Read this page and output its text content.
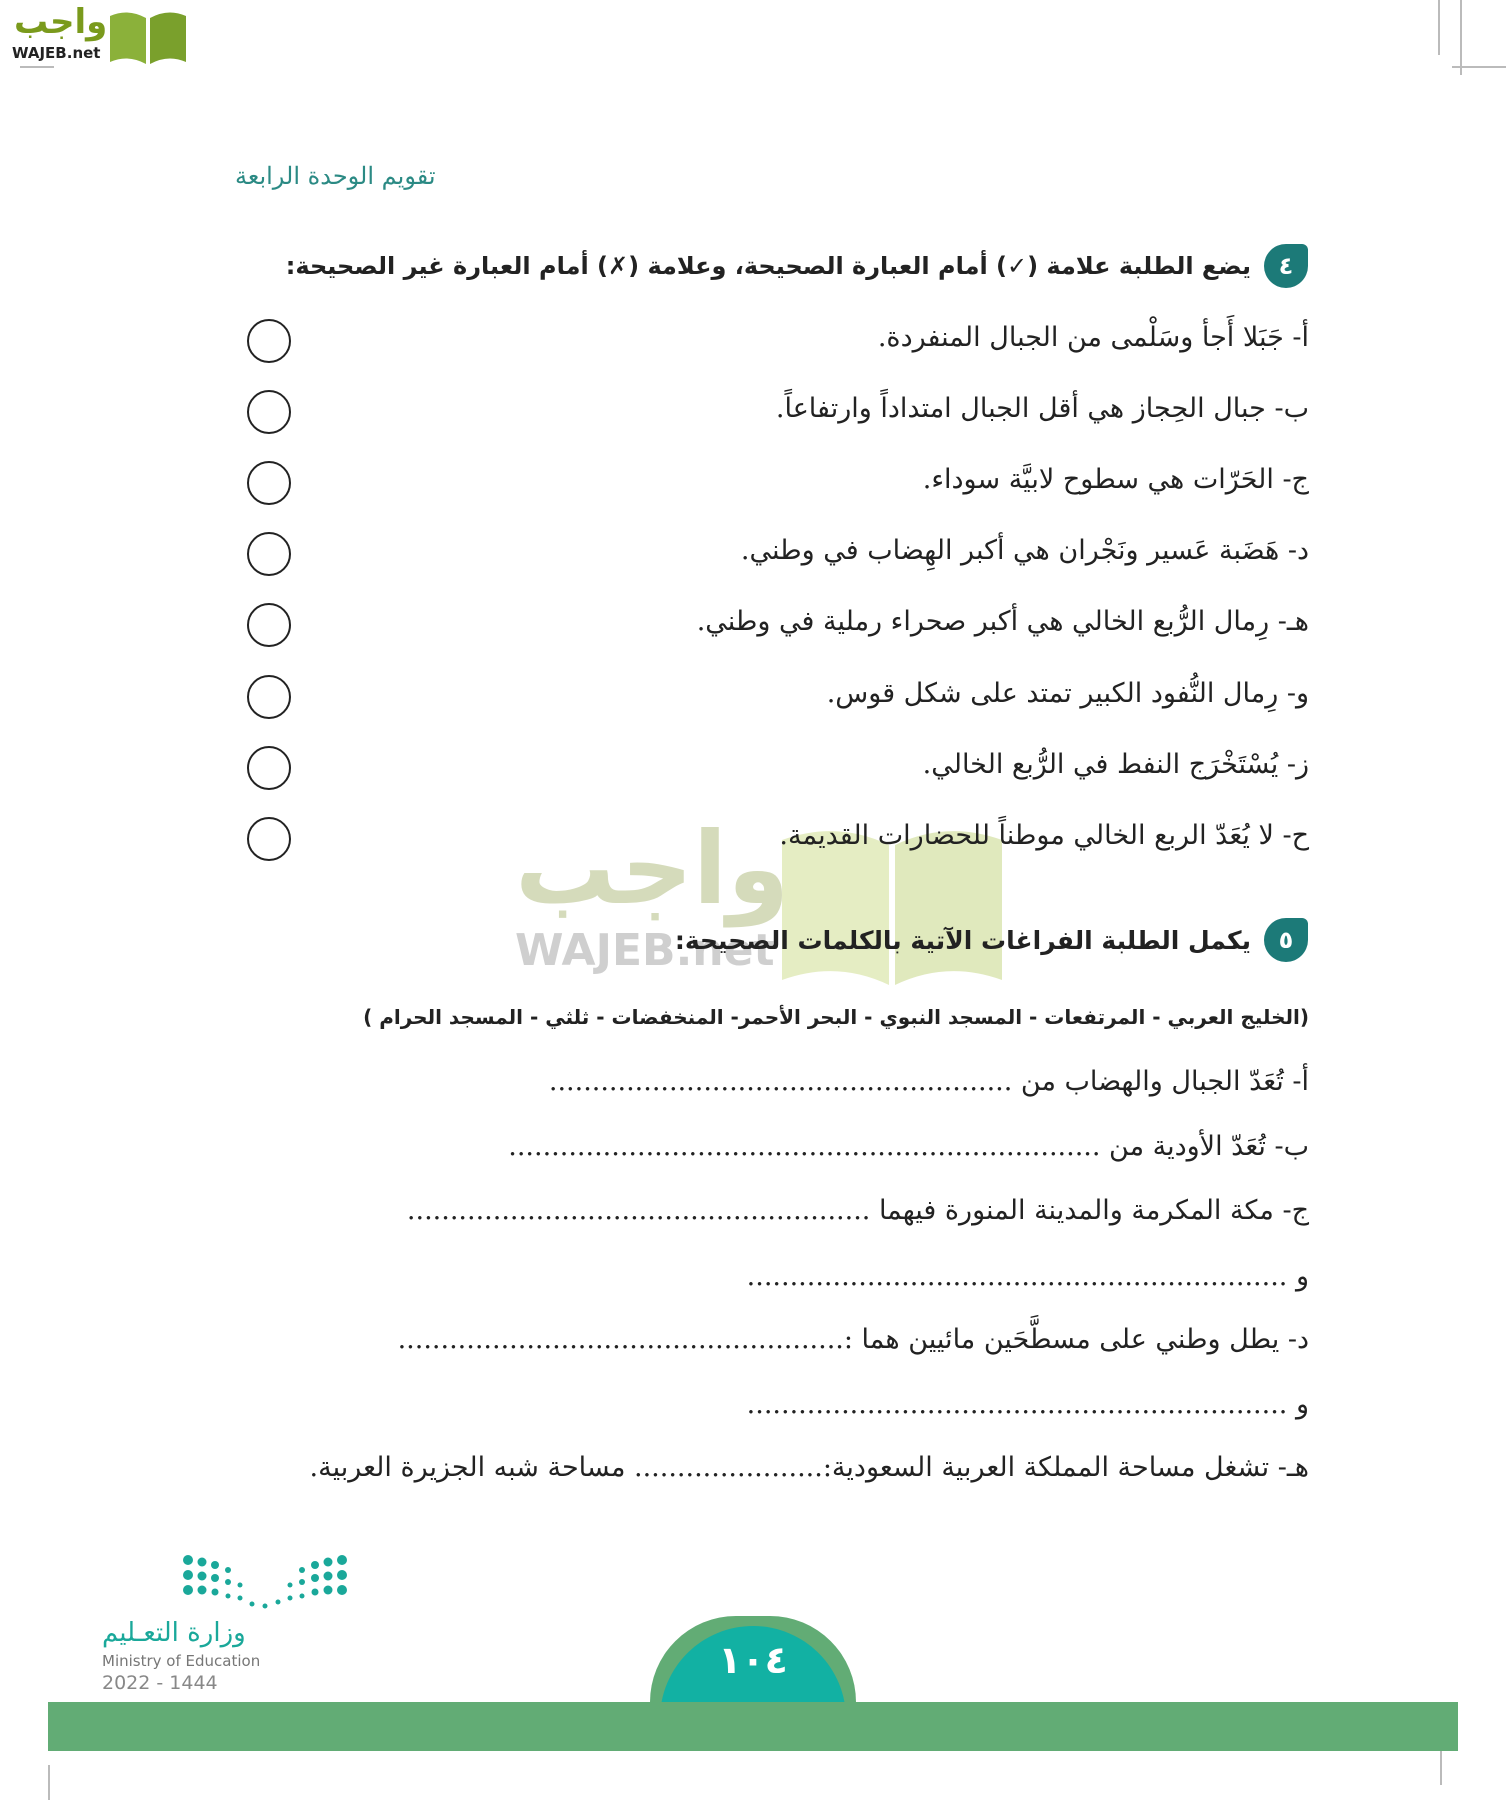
واجب
WAJEB.net
تقويم الوحدة الرابعة
واجب
WAJEB.net
٤
يضع الطلبة علامة (✓) أمام العبارة الصحيحة، وعلامة (✗) أمام العبارة غير الصحيحة:
أ- جَبَلا أَجأ وسَلْمى من الجبال المنفردة.
ب- جبال الحِجاز هي أقل الجبال امتداداً وارتفاعاً.
ج- الحَرّات هي سطوح لابيَّة سوداء.
د- هَضَبة عَسير ونَجْران هي أكبر الهِضاب في وطني.
هـ- رِمال الرُّبع الخالي هي أكبر صحراء رملية في وطني.
و- رِمال النُّفود الكبير تمتد على شكل قوس.
ز- يُسْتَخْرَج النفط في الرُّبع الخالي.
ح- لا يُعَدّ الربع الخالي موطناً للحضارات القديمة.
٥
يكمل الطلبة الفراغات الآتية بالكلمات الصحيحة:
(الخليج العربي - المرتفعات - المسجد النبوي - البحر الأحمر- المنخفضات - ثلثي - المسجد الحرام )
أ- تُعَدّ الجبال والهضاب من ......................................................
ب- تُعَدّ الأودية من .....................................................................
ج- مكة المكرمة والمدينة المنورة فيهما ......................................................
و ...............................................................
د- يطل وطني على مسطَّحَين مائيين هما :....................................................
و ...............................................................
هـ- تشغل مساحة المملكة العربية السعودية:...................... مساحة شبه الجزيرة العربية.
وزارة التعـليم
Ministry of Education
2022 - 1444
١٠٤
